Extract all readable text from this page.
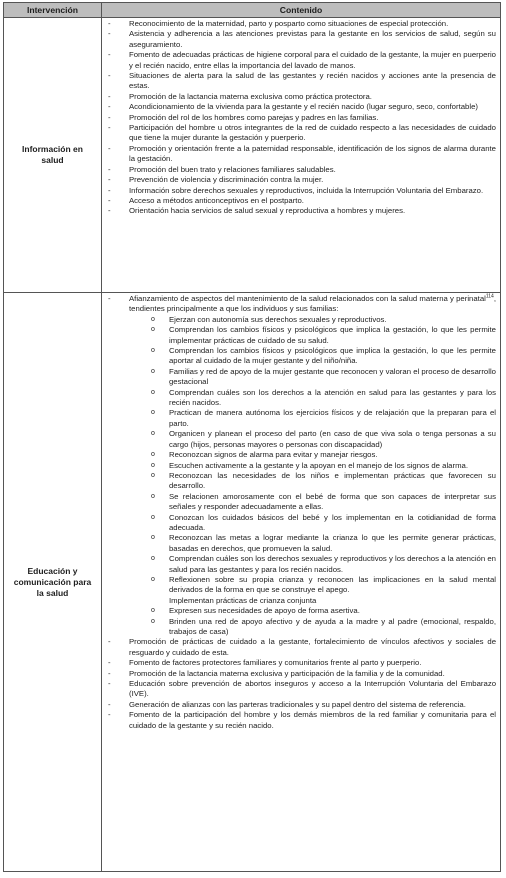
Intervención	Contenido
Información en salud

- Reconocimiento de la maternidad, parto y posparto como situaciones de especial protección.

- Asistencia y adherencia a las atenciones previstas para la gestante en los servicios de salud, según su aseguramiento.

- Fomento de adecuadas prácticas de higiene corporal para el cuidado de la gestante, la mujer en puerperio y el recién nacido, entre ellas la importancia del lavado de manos.

- Situaciones de alerta para la salud de las gestantes y recién nacidos y acciones ante la presencia de estas.

- Promoción de la lactancia materna exclusiva como práctica protectora.

- Acondicionamiento de la vivienda para la gestante y el recién nacido (lugar seguro, seco, confortable)

- Promoción del rol de los hombres como parejas y padres en las familias.

- Participación del hombre u otros integrantes de la red de cuidado respecto a las necesidades de cuidado que tiene la mujer durante la gestación y puerperio.

- Promoción y orientación frente a la paternidad responsable, identificación de los signos de alarma durante la gestación.

- Promoción del buen trato y relaciones familiares saludables.

- Prevención de violencia y discriminación contra la mujer.

- Información sobre derechos sexuales y reproductivos, incluida la Interrupción Voluntaria del Embarazo.

- Acceso a métodos anticonceptivos en el postparto.

- Orientación hacia servicios de salud sexual y reproductiva a hombres y mujeres.

Educación y comunicación para la salud

- Afianzamiento de aspectos del mantenimiento de la salud relacionados con la salud materna y perinatal$^{114}$, tendientes principalmente a que los individuos y sus familias:

o Ejerzan con autonomía sus derechos sexuales y reproductivos.

o Comprendan los cambios físicos y psicológicos que implica la gestación, lo que les permite implementar prácticas de cuidado de su salud.

o Comprendan los cambios físicos y psicológicos que implica la gestación, lo que les permite aportar al cuidado de la mujer gestante y del niño/niña.

o Familias y red de apoyo de la mujer gestante que reconocen y valoran el proceso de desarrollo gestacional

o Comprendan cuáles son los derechos a la atención en salud para las gestantes y para los recién nacidos.

o Practican de manera autónoma los ejercicios físicos y de relajación que la preparan para el parto.

o Organicen y planean el proceso del parto (en caso de que viva sola o tenga personas a su cargo (hijos, personas mayores o personas con discapacidad)

o Reconozcan signos de alarma para evitar y manejar riesgos.

o Escuchen activamente a la gestante y la apoyan en el manejo de los signos de alarma.

o Reconozcan las necesidades de los niños e implementan prácticas que favorecen su desarrollo.

o Se relacionen amorosamente con el bebé de forma que son capaces de interpretar sus señales y responder adecuadamente a ellas.

o Conozcan los cuidados básicos del bebé y los implementan en la cotidianidad de forma adecuada.

o Reconozcan las metas a lograr mediante la crianza lo que les permite generar prácticas, basadas en derechos, que promueven la salud.

o Comprendan cuáles son los derechos sexuales y reproductivos y los derechos a la atención en salud para las gestantes y para los recién nacidos.

o Reflexionen sobre su propia crianza y reconocen las implicaciones en la salud mental derivados de la forma en que se construye el apego.

Implementan prácticas de crianza conjunta

o Expresen sus necesidades de apoyo de forma asertiva.

o Brinden una red de apoyo afectivo y de ayuda a la madre y al padre (emocional, respaldo, trabajos de casa)

- Promoción de prácticas de cuidado a la gestante, fortalecimiento de vínculos afectivos y sociales de resguardo y cuidado de esta.

- Fomento de factores protectores familiares y comunitarios frente al parto y puerperio.

- Promoción de la lactancia materna exclusiva y participación de la familia y de la comunidad.

- Educación sobre prevención de abortos inseguros y acceso a la Interrupción Voluntaria del Embarazo (IVE).

- Generación de alianzas con las parteras tradicionales y su papel dentro del sistema de referencia.

- Fomento de la participación del hombre y los demás miembros de la red familiar y comunitaria para el cuidado de la gestante y su recién nacido.
